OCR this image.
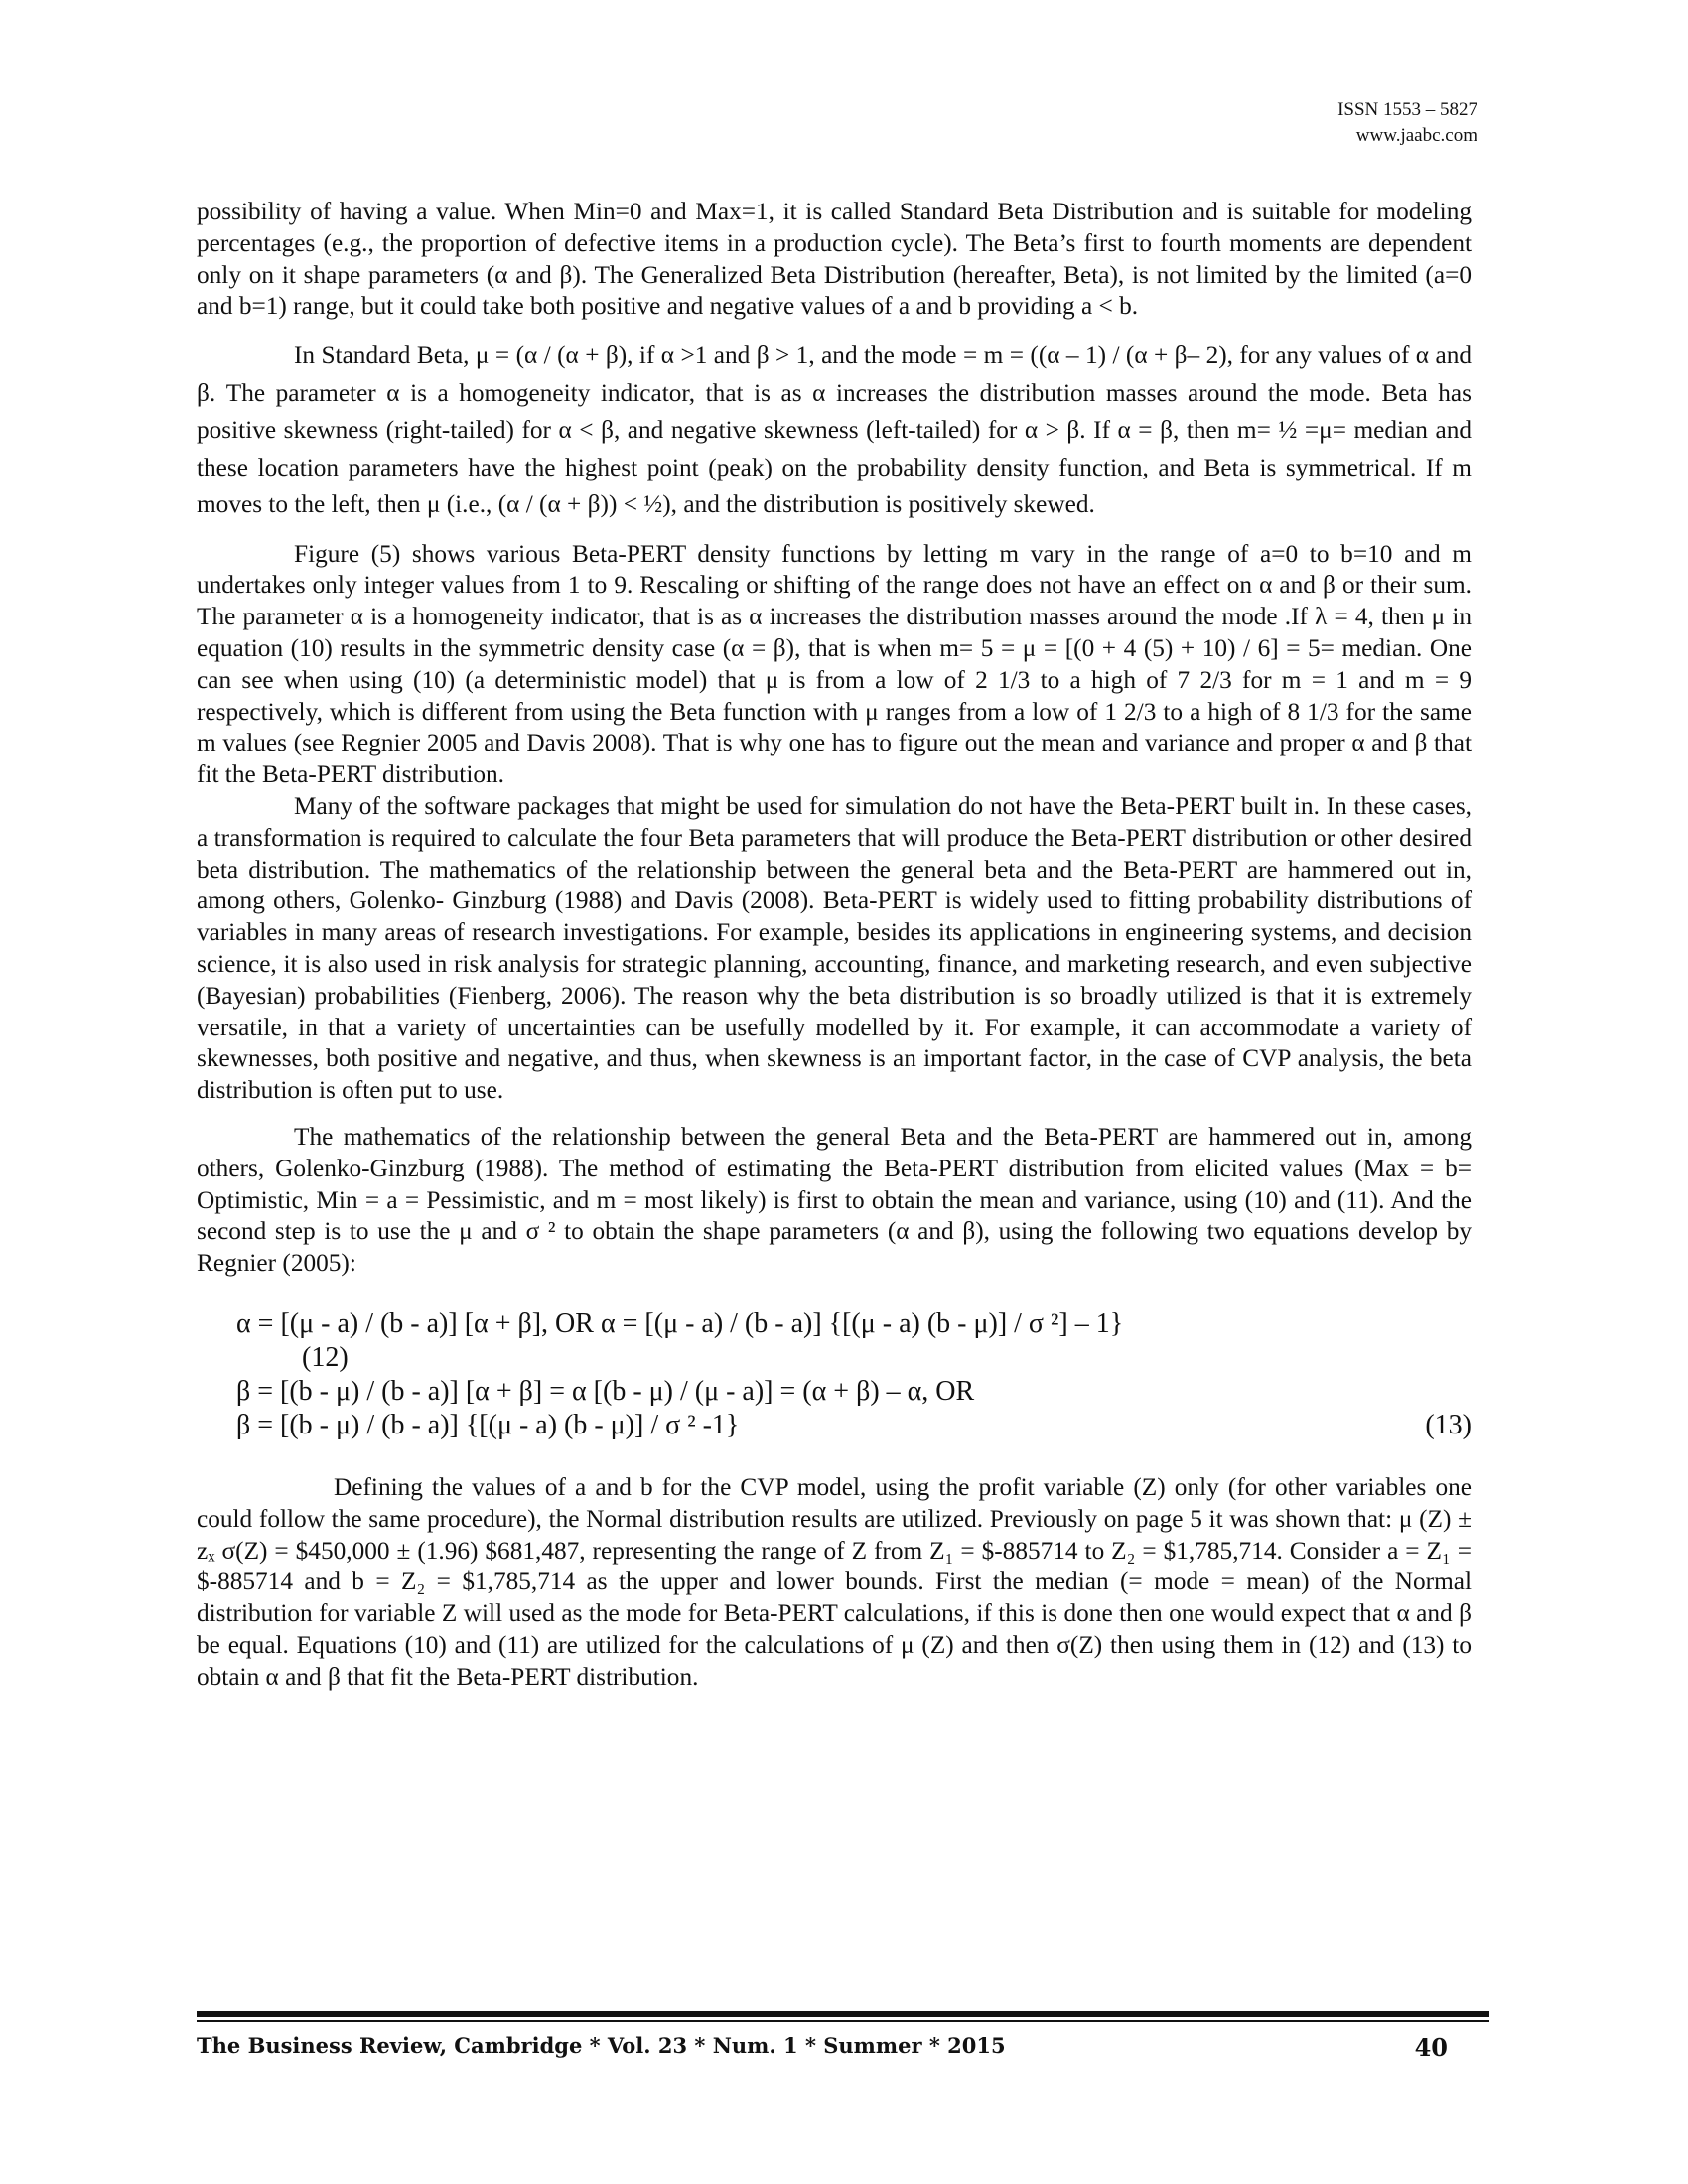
ISSN 1553 – 5827
www.jaabc.com

possibility of having a value. When Min=0 and Max=1, it is called Standard Beta Distribution and is suitable for modeling percentages (e.g., the proportion of defective items in a production cycle). The Beta’s first to fourth moments are dependent only on it shape parameters (α and β). The Generalized Beta Distribution (hereafter, Beta), is not limited by the limited (a=0 and b=1) range, but it could take both positive and negative values of a and b providing a < b.

In Standard Beta, μ = (α / (α + β), if α >1 and β > 1, and the mode = m = ((α – 1) / (α + β– 2), for any values of α and β. The parameter α is a homogeneity indicator, that is as α increases the distribution masses around the mode. Beta has positive skewness (right-tailed) for α < β, and negative skewness (left-tailed) for α > β. If α = β, then m= ½ =μ= median and these location parameters have the highest point (peak) on the probability density function, and Beta is symmetrical. If m moves to the left, then μ (i.e., (α / (α + β)) < ½), and the distribution is positively skewed.

Figure (5) shows various Beta-PERT density functions by letting m vary in the range of a=0 to b=10 and m undertakes only integer values from 1 to 9. Rescaling or shifting of the range does not have an effect on α and β or their sum. The parameter α is a homogeneity indicator, that is as α increases the distribution masses around the mode .If λ = 4, then μ in equation (10) results in the symmetric density case (α = β), that is when m= 5 = μ = [(0 + 4 (5) + 10) / 6] = 5= median. One can see when using (10) (a deterministic model) that μ is from a low of 2 1/3 to a high of 7 2/3 for m = 1 and m = 9 respectively, which is different from using the Beta function with μ ranges from a low of 1 2/3 to a high of 8 1/3 for the same m values (see Regnier 2005 and Davis 2008). That is why one has to figure out the mean and variance and proper α and β that fit the Beta-PERT distribution.

Many of the software packages that might be used for simulation do not have the Beta-PERT built in. In these cases, a transformation is required to calculate the four Beta parameters that will produce the Beta-PERT distribution or other desired beta distribution. The mathematics of the relationship between the general beta and the Beta-PERT are hammered out in, among others, Golenko- Ginzburg (1988) and Davis (2008). Beta-PERT is widely used to fitting probability distributions of variables in many areas of research investigations. For example, besides its applications in engineering systems, and decision science, it is also used in risk analysis for strategic planning, accounting, finance, and marketing research, and even subjective (Bayesian) probabilities (Fienberg, 2006). The reason why the beta distribution is so broadly utilized is that it is extremely versatile, in that a variety of uncertainties can be usefully modelled by it. For example, it can accommodate a variety of skewnesses, both positive and negative, and thus, when skewness is an important factor, in the case of CVP analysis, the beta distribution is often put to use.

The mathematics of the relationship between the general Beta and the Beta-PERT are hammered out in, among others, Golenko-Ginzburg (1988). The method of estimating the Beta-PERT distribution from elicited values (Max = b= Optimistic, Min = a = Pessimistic, and m = most likely) is first to obtain the mean and variance, using (10) and (11). And the second step is to use the μ and σ ² to obtain the shape parameters (α and β), using the following two equations develop by Regnier (2005):

α = [(μ - a) / (b - a)] [α + β], OR α = [(μ - a) / (b - a)] {[(μ - a) (b - μ)] / σ ²] – 1}
(12)
β = [(b - μ) / (b - a)] [α + β] = α [(b - μ) / (μ - a)] = (α + β) – α, OR
β = [(b - μ) / (b - a)] {[(μ - a) (b - μ)] / σ ² -1}	(13)

Defining the values of a and b for the CVP model, using the profit variable (Z) only (for other variables one could follow the same procedure), the Normal distribution results are utilized. Previously on page 5 it was shown that: μ (Z) ± zₓ σ(Z) = $450,000 ± (1.96) $681,487, representing the range of Z from Z₁ = $-885714 to Z₂ = $1,785,714. Consider a = Z₁ = $-885714 and b = Z₂ = $1,785,714 as the upper and lower bounds. First the median (= mode = mean) of the Normal distribution for variable Z will used as the mode for Beta-PERT calculations, if this is done then one would expect that α and β be equal. Equations (10) and (11) are utilized for the calculations of μ (Z) and then σ(Z) then using them in (12) and (13) to obtain α and β that fit the Beta-PERT distribution.

The Business Review, Cambridge * Vol. 23 * Num. 1 * Summer * 2015	40
